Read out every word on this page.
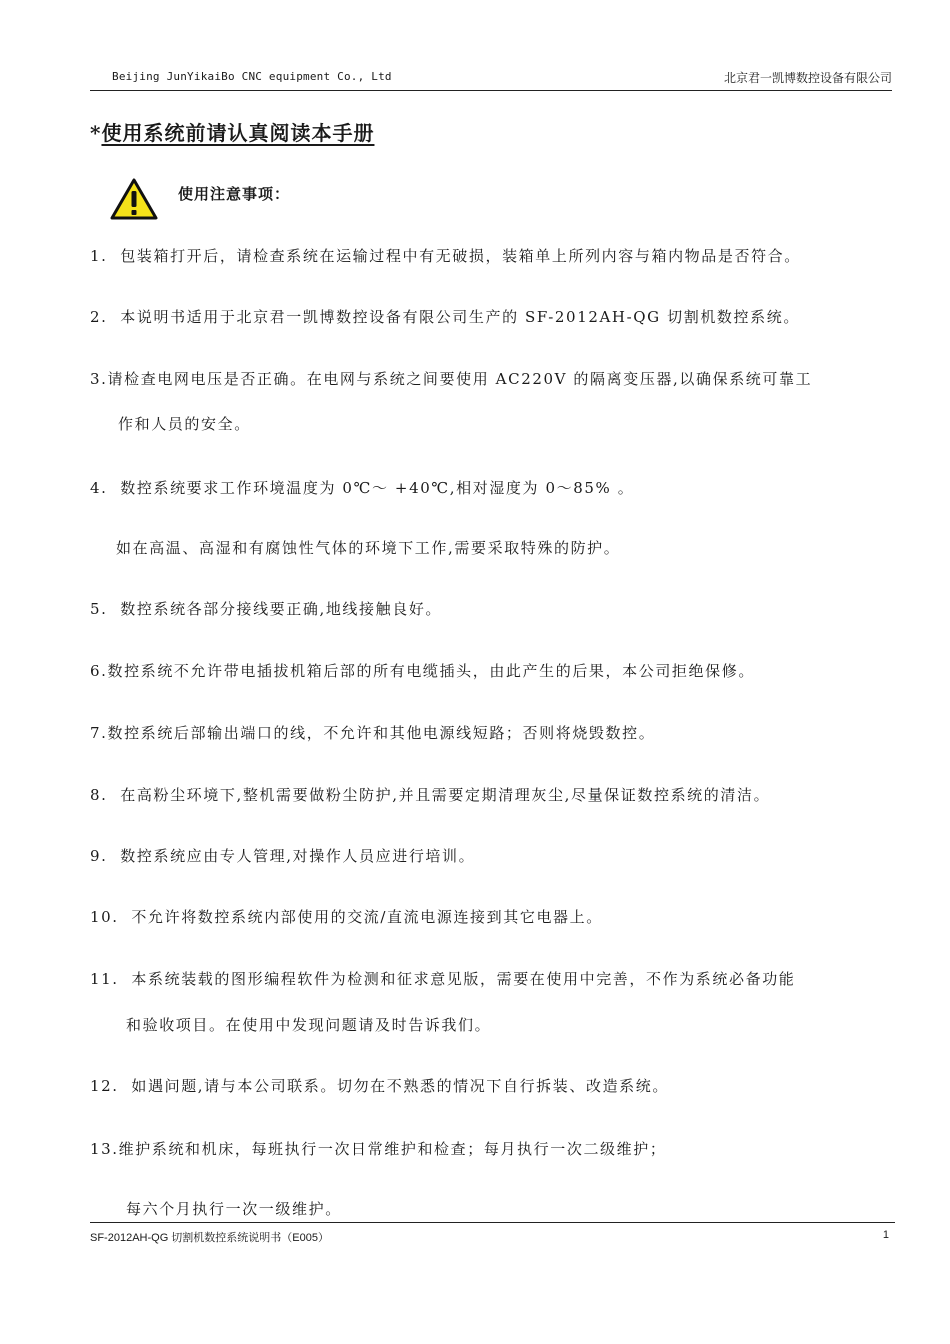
Beijing JunYikaiBo CNC equipment Co., Ltd	北京君一凯博数控设备有限公司
*使用系统前请认真阅读本手册
使用注意事项：
1. 包装箱打开后，请检查系统在运输过程中有无破损，装箱单上所列内容与箱内物品是否符合。
2. 本说明书适用于北京君一凯博数控设备有限公司生产的 SF-2012AH-QG 切割机数控系统。
3.请检查电网电压是否正确。在电网与系统之间要使用 AC220V 的隔离变压器,以确保系统可靠工
作和人员的安全。
4. 数控系统要求工作环境温度为 0℃～ +40℃,相对湿度为 0～85% 。
如在高温、高湿和有腐蚀性气体的环境下工作,需要采取特殊的防护。
5. 数控系统各部分接线要正确,地线接触良好。
6.数控系统不允许带电插拔机箱后部的所有电缆插头，由此产生的后果，本公司拒绝保修。
7.数控系统后部输出端口的线，不允许和其他电源线短路；否则将烧毁数控。
8. 在高粉尘环境下,整机需要做粉尘防护,并且需要定期清理灰尘,尽量保证数控系统的清洁。
9. 数控系统应由专人管理,对操作人员应进行培训。
10. 不允许将数控系统内部使用的交流/直流电源连接到其它电器上。
11. 本系统装载的图形编程软件为检测和征求意见版，需要在使用中完善，不作为系统必备功能
和验收项目。在使用中发现问题请及时告诉我们。
12. 如遇问题,请与本公司联系。切勿在不熟悉的情况下自行拆装、改造系统。
13.维护系统和机床，每班执行一次日常维护和检查；每月执行一次二级维护；
每六个月执行一次一级维护。
SF-2012AH-QG 切割机数控系统说明书（E005）	1
